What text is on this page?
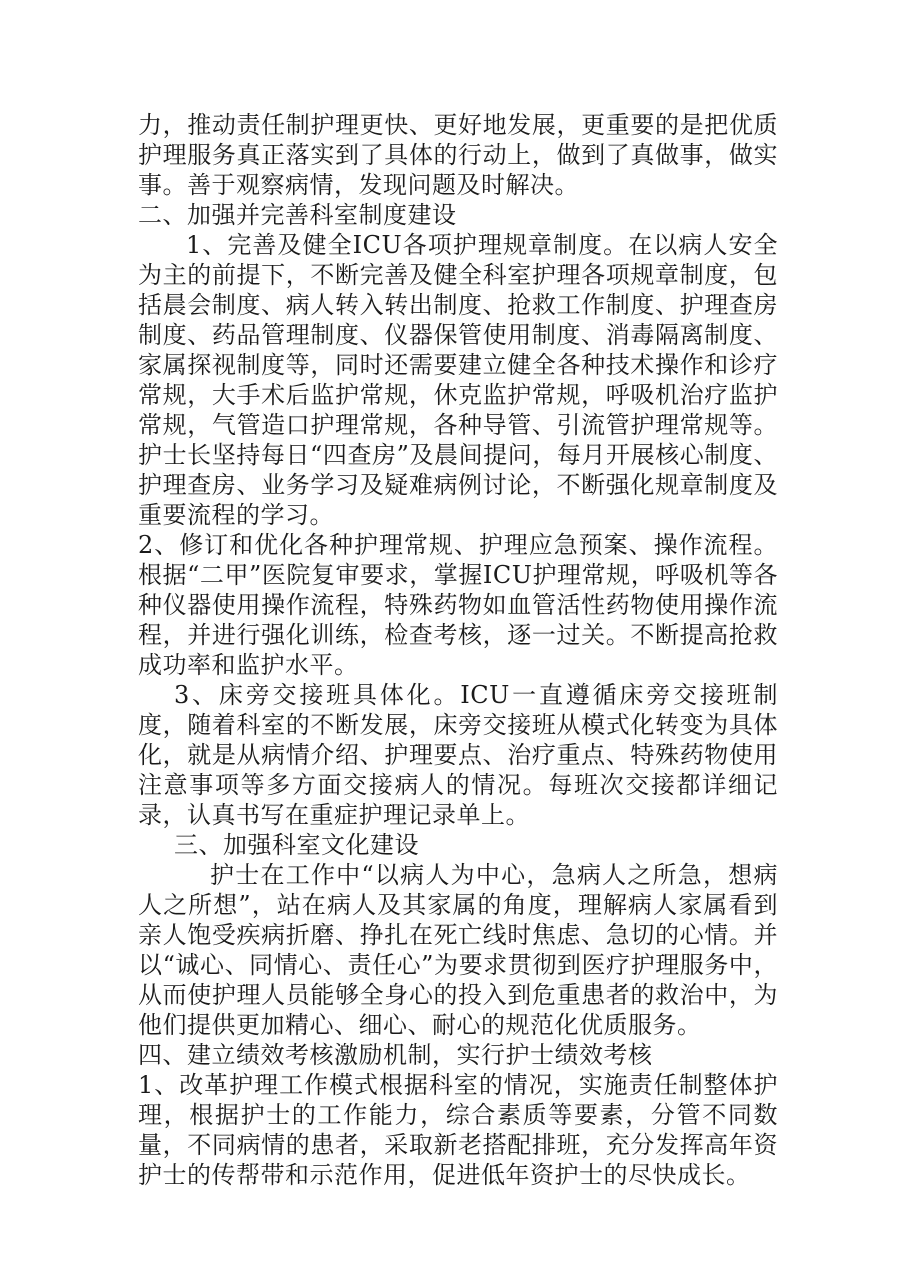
力，推动责任制护理更快、更好地发展，更重要的是把优质护理服务真正落实到了具体的行动上，做到了真做事，做实事。善于观察病情，发现问题及时解决。

二、加强并完善科室制度建设

1、完善及健全ICU各项护理规章制度。在以病人安全为主的前提下，不断完善及健全科室护理各项规章制度，包括晨会制度、病人转入转出制度、抢救工作制度、护理查房制度、药品管理制度、仪器保管使用制度、消毒隔离制度、家属探视制度等，同时还需要建立健全各种技术操作和诊疗常规，大手术后监护常规，休克监护常规，呼吸机治疗监护常规，气管造口护理常规，各种导管、引流管护理常规等。护士长坚持每日“四查房”及晨间提问，每月开展核心制度、护理查房、业务学习及疑难病例讨论，不断强化规章制度及重要流程的学习。

2、修订和优化各种护理常规、护理应急预案、操作流程。根据“二甲”医院复审要求，掌握ICU护理常规，呼吸机等各种仪器使用操作流程，特殊药物如血管活性药物使用操作流程，并进行强化训练，检查考核，逐一过关。不断提高抢救成功率和监护水平。

3、床旁交接班具体化。ICU一直遵循床旁交接班制度，随着科室的不断发展，床旁交接班从模式化转变为具体化，就是从病情介绍、护理要点、治疗重点、特殊药物使用注意事项等多方面交接病人的情况。每班次交接都详细记录，认真书写在重症护理记录单上。

三、加强科室文化建设

护士在工作中“以病人为中心，急病人之所急，想病人之所想”，站在病人及其家属的角度，理解病人家属看到亲人饱受疾病折磨、挣扎在死亡线时焦虑、急切的心情。并以“诚心、同情心、责任心”为要求贯彻到医疗护理服务中，从而使护理人员能够全身心的投入到危重患者的救治中，为他们提供更加精心、细心、耐心的规范化优质服务。

四、建立绩效考核激励机制，实行护士绩效考核

1、改革护理工作模式根据科室的情况，实施责任制整体护理，根据护士的工作能力，综合素质等要素，分管不同数量，不同病情的患者，采取新老搭配排班，充分发挥高年资护士的传帮带和示范作用，促进低年资护士的尽快成长。
